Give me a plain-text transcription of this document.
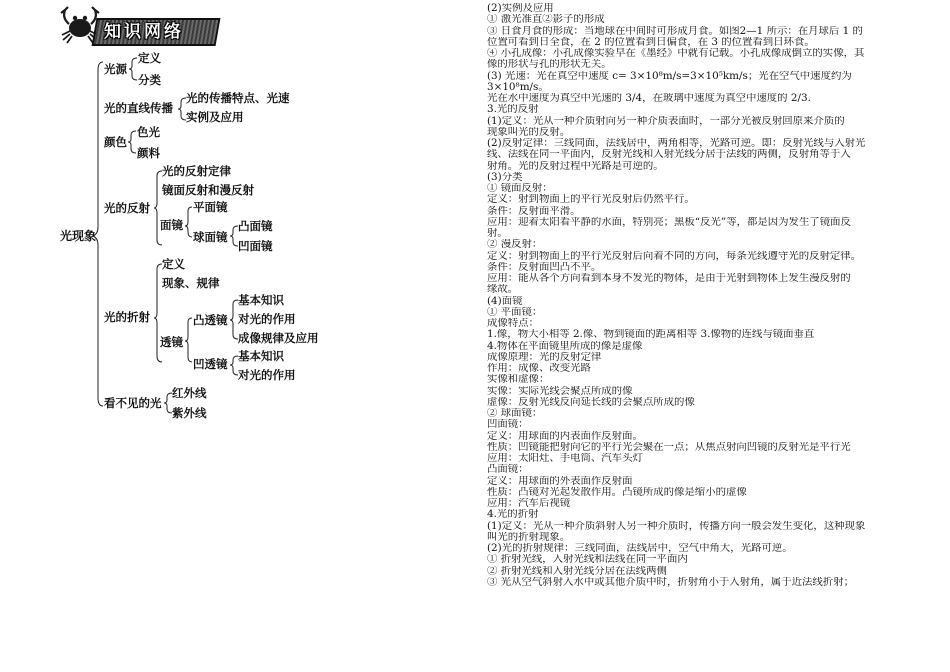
知识网络
光现象
光源
定义
分类
光的直线传播
光的传播特点、光速
实例及应用
颜色
色光
颜料
光的反射
光的反射定律
镜面反射和漫反射
面镜
平面镜
球面镜
凸面镜
凹面镜
光的折射
定义
现象、规律
透镜
凸透镜
凹透镜
基本知识
对光的作用
成像规律及应用
基本知识
对光的作用
看不见的光
红外线
紫外线
(2)实例及应用
① 激光准直②影子的形成
③ 日食月食的形成：当地球在中间时可形成月食。如图2—1 所示：在月球后 1 的
位置可看到日全食，在 2 的位置看到日偏食，在 3 的位置看到日环食。
④ 小孔成像：小孔成像实验早在《墨经》中就有记载。小孔成像成倒立的实像，其
像的形状与孔的形状无关。
(3) 光速：光在真空中速度 c= 3×10⁸m/s=3×10⁵km/s；光在空气中速度约为
3×10⁸m/s。
光在水中速度为真空中光速的 3/4，在玻璃中速度为真空中速度的 2/3.
3.光的反射
(1)定义：光从一种介质射向另一种介质表面时，一部分光被反射回原来介质的
现象叫光的反射。
(2)反射定律：三线同面，法线居中，两角相等，光路可逆。即：反射光线与入射光
线、法线在同一平面内，反射光线和入射光线分居于法线的两侧，反射角等于入
射角。光的反射过程中光路是可逆的。
(3)分类
① 镜面反射：
定义：射到物面上的平行光反射后仍然平行。
条件：反射面平滑。
应用：迎着太阳看平静的水面，特别亮；黑板“反光”等，都是因为发生了镜面反
射。
② 漫反射：
定义：射到物面上的平行光反射后向着不同的方向，每条光线遵守光的反射定律。
条件：反射面凹凸不平。
应用：能从各个方向看到本身不发光的物体，是由于光射到物体上发生漫反射的
缘故。
(4)面镜
① 平面镜：
成像特点：
1.像，物大小相等 2.像、物到镜面的距离相等 3.像物的连线与镜面垂直
4.物体在平面镜里所成的像是虚像
成像原理：光的反射定律
作用：成像、改变光路
实像和虚像：
实像：实际光线会聚点所成的像
虚像：反射光线反向延长线的会聚点所成的像
② 球面镜：
凹面镜：
定义：用球面的内表面作反射面。
性质：凹镜能把射向它的平行光会聚在一点；从焦点射向凹镜的反射光是平行光
应用：太阳灶、手电筒、汽车头灯
凸面镜：
定义：用球面的外表面作反射面
性质：凸镜对光起发散作用。凸镜所成的像是缩小的虚像
应用：汽车后视镜
4.光的折射
(1)定义：光从一种介质斜射人另一种介质时，传播方向一般会发生变化，这种现象
叫光的折射现象。
(2)光的折射规律：三线同面，法线居中，空气中角大，光路可逆。
① 折射光线，入射光线和法线在同一平面内
② 折射光线和入射光线分居在法线两侧
③ 光从空气斜射入水中或其他介质中时，折射角小于入射角，属于近法线折射；
